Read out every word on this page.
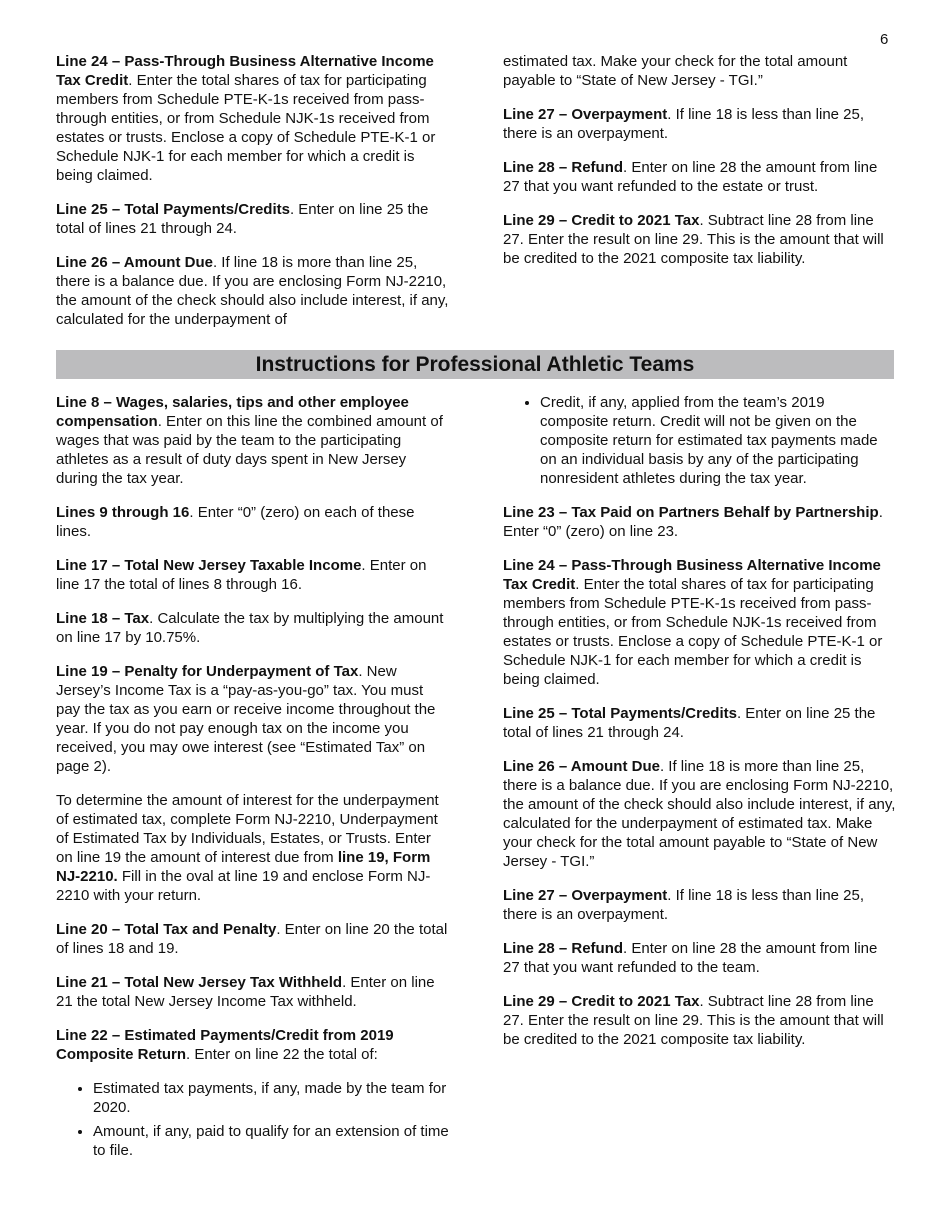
6

Line 24 – Pass-Through Business Alternative Income Tax Credit. Enter the total shares of tax for participating members from Schedule PTE-K-1s received from pass-through entities, or from Schedule NJK-1s received from estates or trusts. Enclose a copy of Schedule PTE-K-1 or Schedule NJK-1 for each member for which a credit is being claimed.

Line 25 – Total Payments/Credits. Enter on line 25 the total of lines 21 through 24.

Line 26 – Amount Due. If line 18 is more than line 25, there is a balance due. If you are enclosing Form NJ-2210, the amount of the check should also include interest, if any, calculated for the underpayment of

estimated tax. Make your check for the total amount payable to “State of New Jersey - TGI.”

Line 27 – Overpayment. If line 18 is less than line 25, there is an overpayment.

Line 28 – Refund. Enter on line 28 the amount from line 27 that you want refunded to the estate or trust.

Line 29 – Credit to 2021 Tax. Subtract line 28 from line 27. Enter the result on line 29. This is the amount that will be credited to the 2021 composite tax liability.

Instructions for Professional Athletic Teams

Line 8 – Wages, salaries, tips and other employee compensation. Enter on this line the combined amount of wages that was paid by the team to the participating athletes as a result of duty days spent in New Jersey during the tax year.

Lines 9 through 16. Enter “0” (zero) on each of these lines.

Line 17 – Total New Jersey Taxable Income. Enter on line 17 the total of lines 8 through 16.

Line 18 – Tax. Calculate the tax by multiplying the amount on line 17 by 10.75%.

Line 19 – Penalty for Underpayment of Tax. New Jersey’s Income Tax is a “pay-as-you-go” tax. You must pay the tax as you earn or receive income throughout the year. If you do not pay enough tax on the income you received, you may owe interest (see “Estimated Tax” on page 2).

To determine the amount of interest for the underpayment of estimated tax, complete Form NJ-2210, Underpayment of Estimated Tax by Individuals, Estates, or Trusts. Enter on line 19 the amount of interest due from line 19, Form NJ-2210. Fill in the oval at line 19 and enclose Form NJ-2210 with your return.

Line 20 – Total Tax and Penalty. Enter on line 20 the total of lines 18 and 19.

Line 21 – Total New Jersey Tax Withheld. Enter on line 21 the total New Jersey Income Tax withheld.

Line 22 – Estimated Payments/Credit from 2019 Composite Return. Enter on line 22 the total of:

• Estimated tax payments, if any, made by the team for 2020.
• Amount, if any, paid to qualify for an extension of time to file.
• Credit, if any, applied from the team’s 2019 composite return. Credit will not be given on the composite return for estimated tax payments made on an individual basis by any of the participating nonresident athletes during the tax year.

Line 23 – Tax Paid on Partners Behalf by Partnership. Enter “0” (zero) on line 23.

Line 24 – Pass-Through Business Alternative Income Tax Credit. Enter the total shares of tax for participating members from Schedule PTE-K-1s received from pass-through entities, or from Schedule NJK-1s received from estates or trusts. Enclose a copy of Schedule PTE-K-1 or Schedule NJK-1 for each member for which a credit is being claimed.

Line 25 – Total Payments/Credits. Enter on line 25 the total of lines 21 through 24.

Line 26 – Amount Due. If line 18 is more than line 25, there is a balance due. If you are enclosing Form NJ-2210, the amount of the check should also include interest, if any, calculated for the underpayment of estimated tax. Make your check for the total amount payable to “State of New Jersey - TGI.”

Line 27 – Overpayment. If line 18 is less than line 25, there is an overpayment.

Line 28 – Refund. Enter on line 28 the amount from line 27 that you want refunded to the team.

Line 29 – Credit to 2021 Tax. Subtract line 28 from line 27. Enter the result on line 29. This is the amount that will be credited to the 2021 composite tax liability.
